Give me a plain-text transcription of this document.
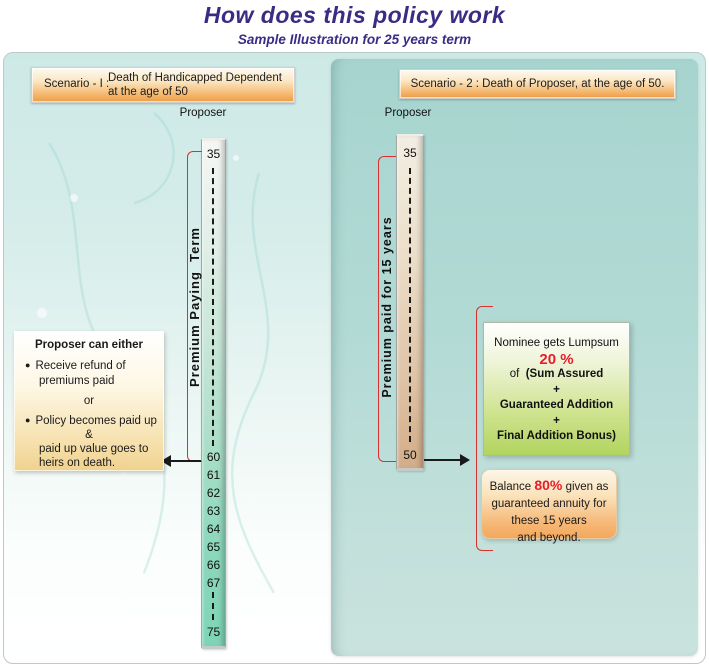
How does this policy work
Sample Illustration for 25 years term
Scenario - I :
Death of Handicapped Dependent
at the age of 50
Scenario - 2 : Death of Proposer, at the age of 50.
Proposer	Proposer
35
60
61
62
63
64
65
66
67
75
35
50
Premium Paying  Term	Premium paid for 15 years
Proposer can either
● Receive refund of
premiums paid
or
● Policy becomes paid up
&
paid up value goes to
heirs on death.
Nominee gets Lumpsum
20 %
of (Sum Assured
+
Guaranteed Addition
+
Final Addition Bonus)
Balance 80% given as
guaranteed annuity for
these 15 years
and beyond.
